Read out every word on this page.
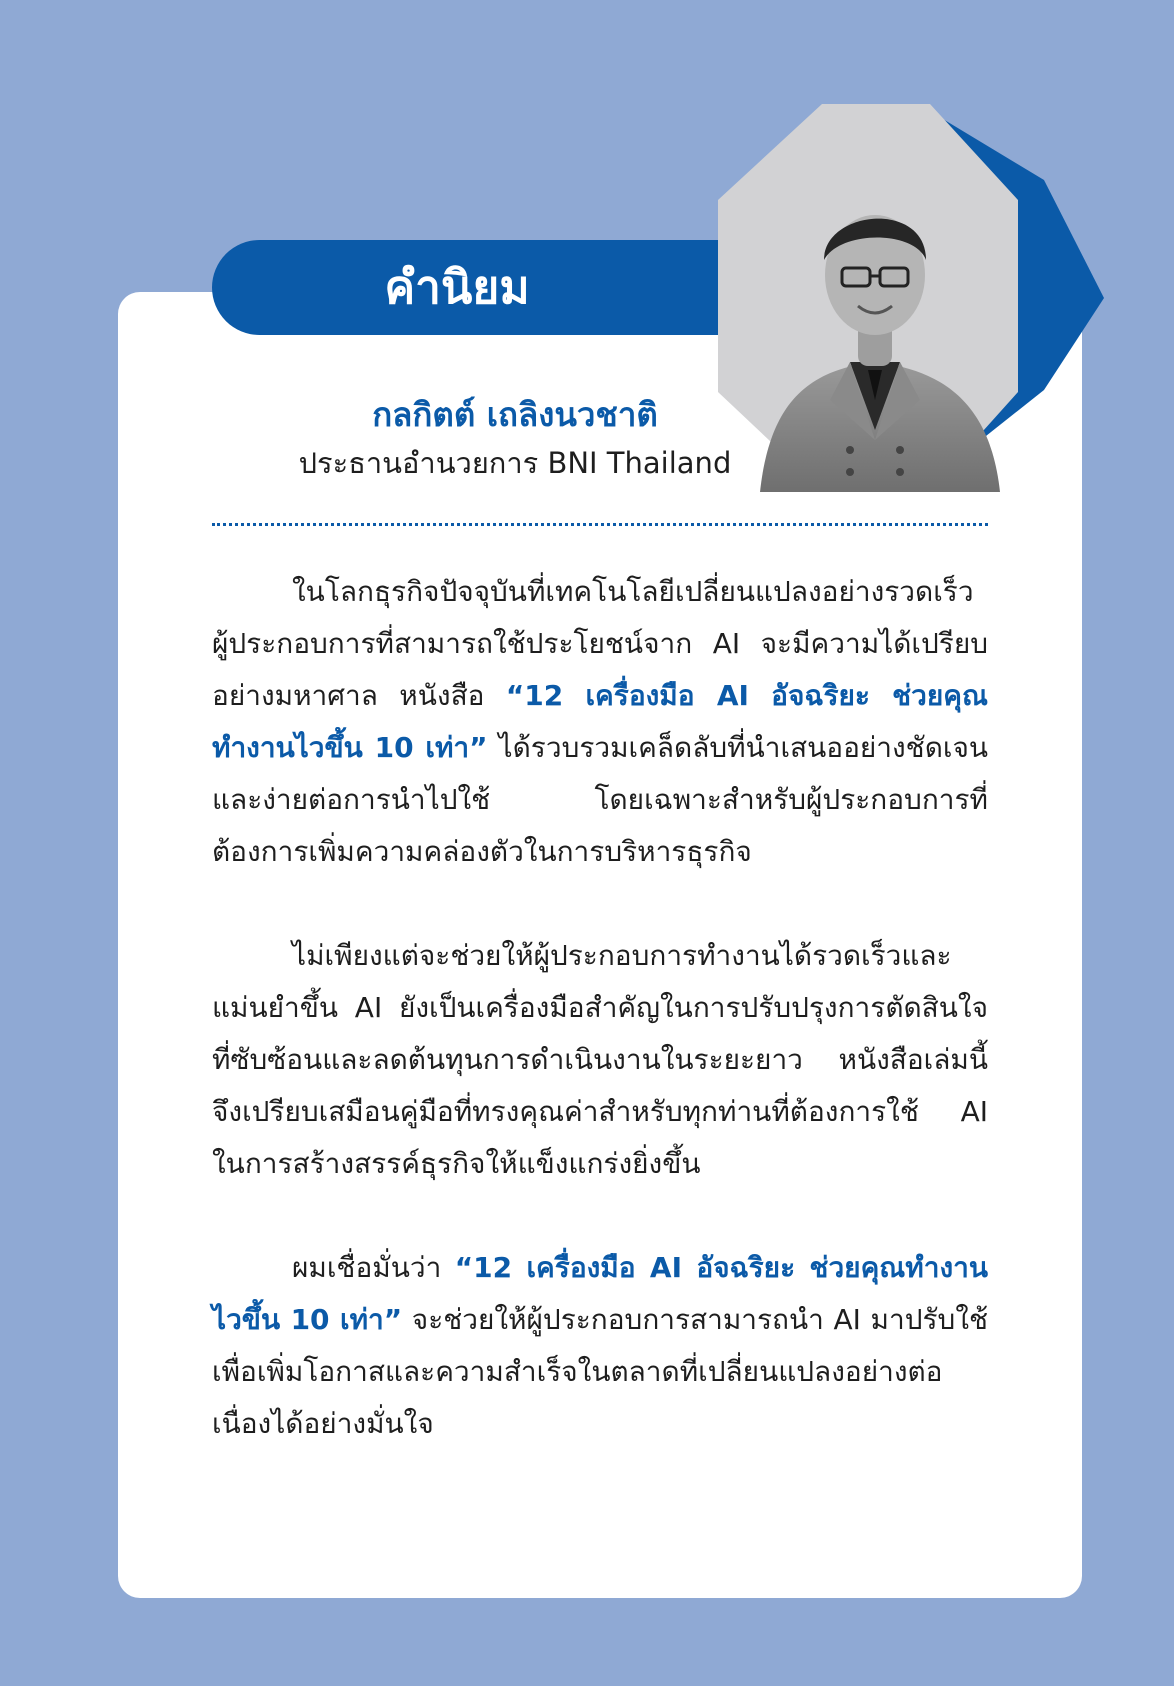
คำนิยม
กลกิตต์ เถลิงนวชาติ
ประธานอำนวยการ BNI Thailand

ในโลกธุรกิจปัจจุบันที่เทคโนโลยีเปลี่ยนแปลงอย่างรวดเร็ว ผู้ประกอบการที่สามารถใช้ประโยชน์จาก AI จะมีความได้เปรียบอย่างมหาศาล หนังสือ “12 เครื่องมือ AI อัจฉริยะ ช่วยคุณทำงานไวขึ้น 10 เท่า” ได้รวบรวมเคล็ดลับที่นำเสนออย่างชัดเจนและง่ายต่อการนำไปใช้ โดยเฉพาะสำหรับผู้ประกอบการที่ต้องการเพิ่มความคล่องตัวในการบริหารธุรกิจ

ไม่เพียงแต่จะช่วยให้ผู้ประกอบการทำงานได้รวดเร็วและแม่นยำขึ้น AI ยังเป็นเครื่องมือสำคัญในการปรับปรุงการตัดสินใจที่ซับซ้อนและลดต้นทุนการดำเนินงานในระยะยาว หนังสือเล่มนี้จึงเปรียบเสมือนคู่มือที่ทรงคุณค่าสำหรับทุกท่านที่ต้องการใช้ AI ในการสร้างสรรค์ธุรกิจให้แข็งแกร่งยิ่งขึ้น

ผมเชื่อมั่นว่า “12 เครื่องมือ AI อัจฉริยะ ช่วยคุณทำงานไวขึ้น 10 เท่า” จะช่วยให้ผู้ประกอบการสามารถนำ AI มาปรับใช้เพื่อเพิ่มโอกาสและความสำเร็จในตลาดที่เปลี่ยนแปลงอย่างต่อเนื่องได้อย่างมั่นใจ
